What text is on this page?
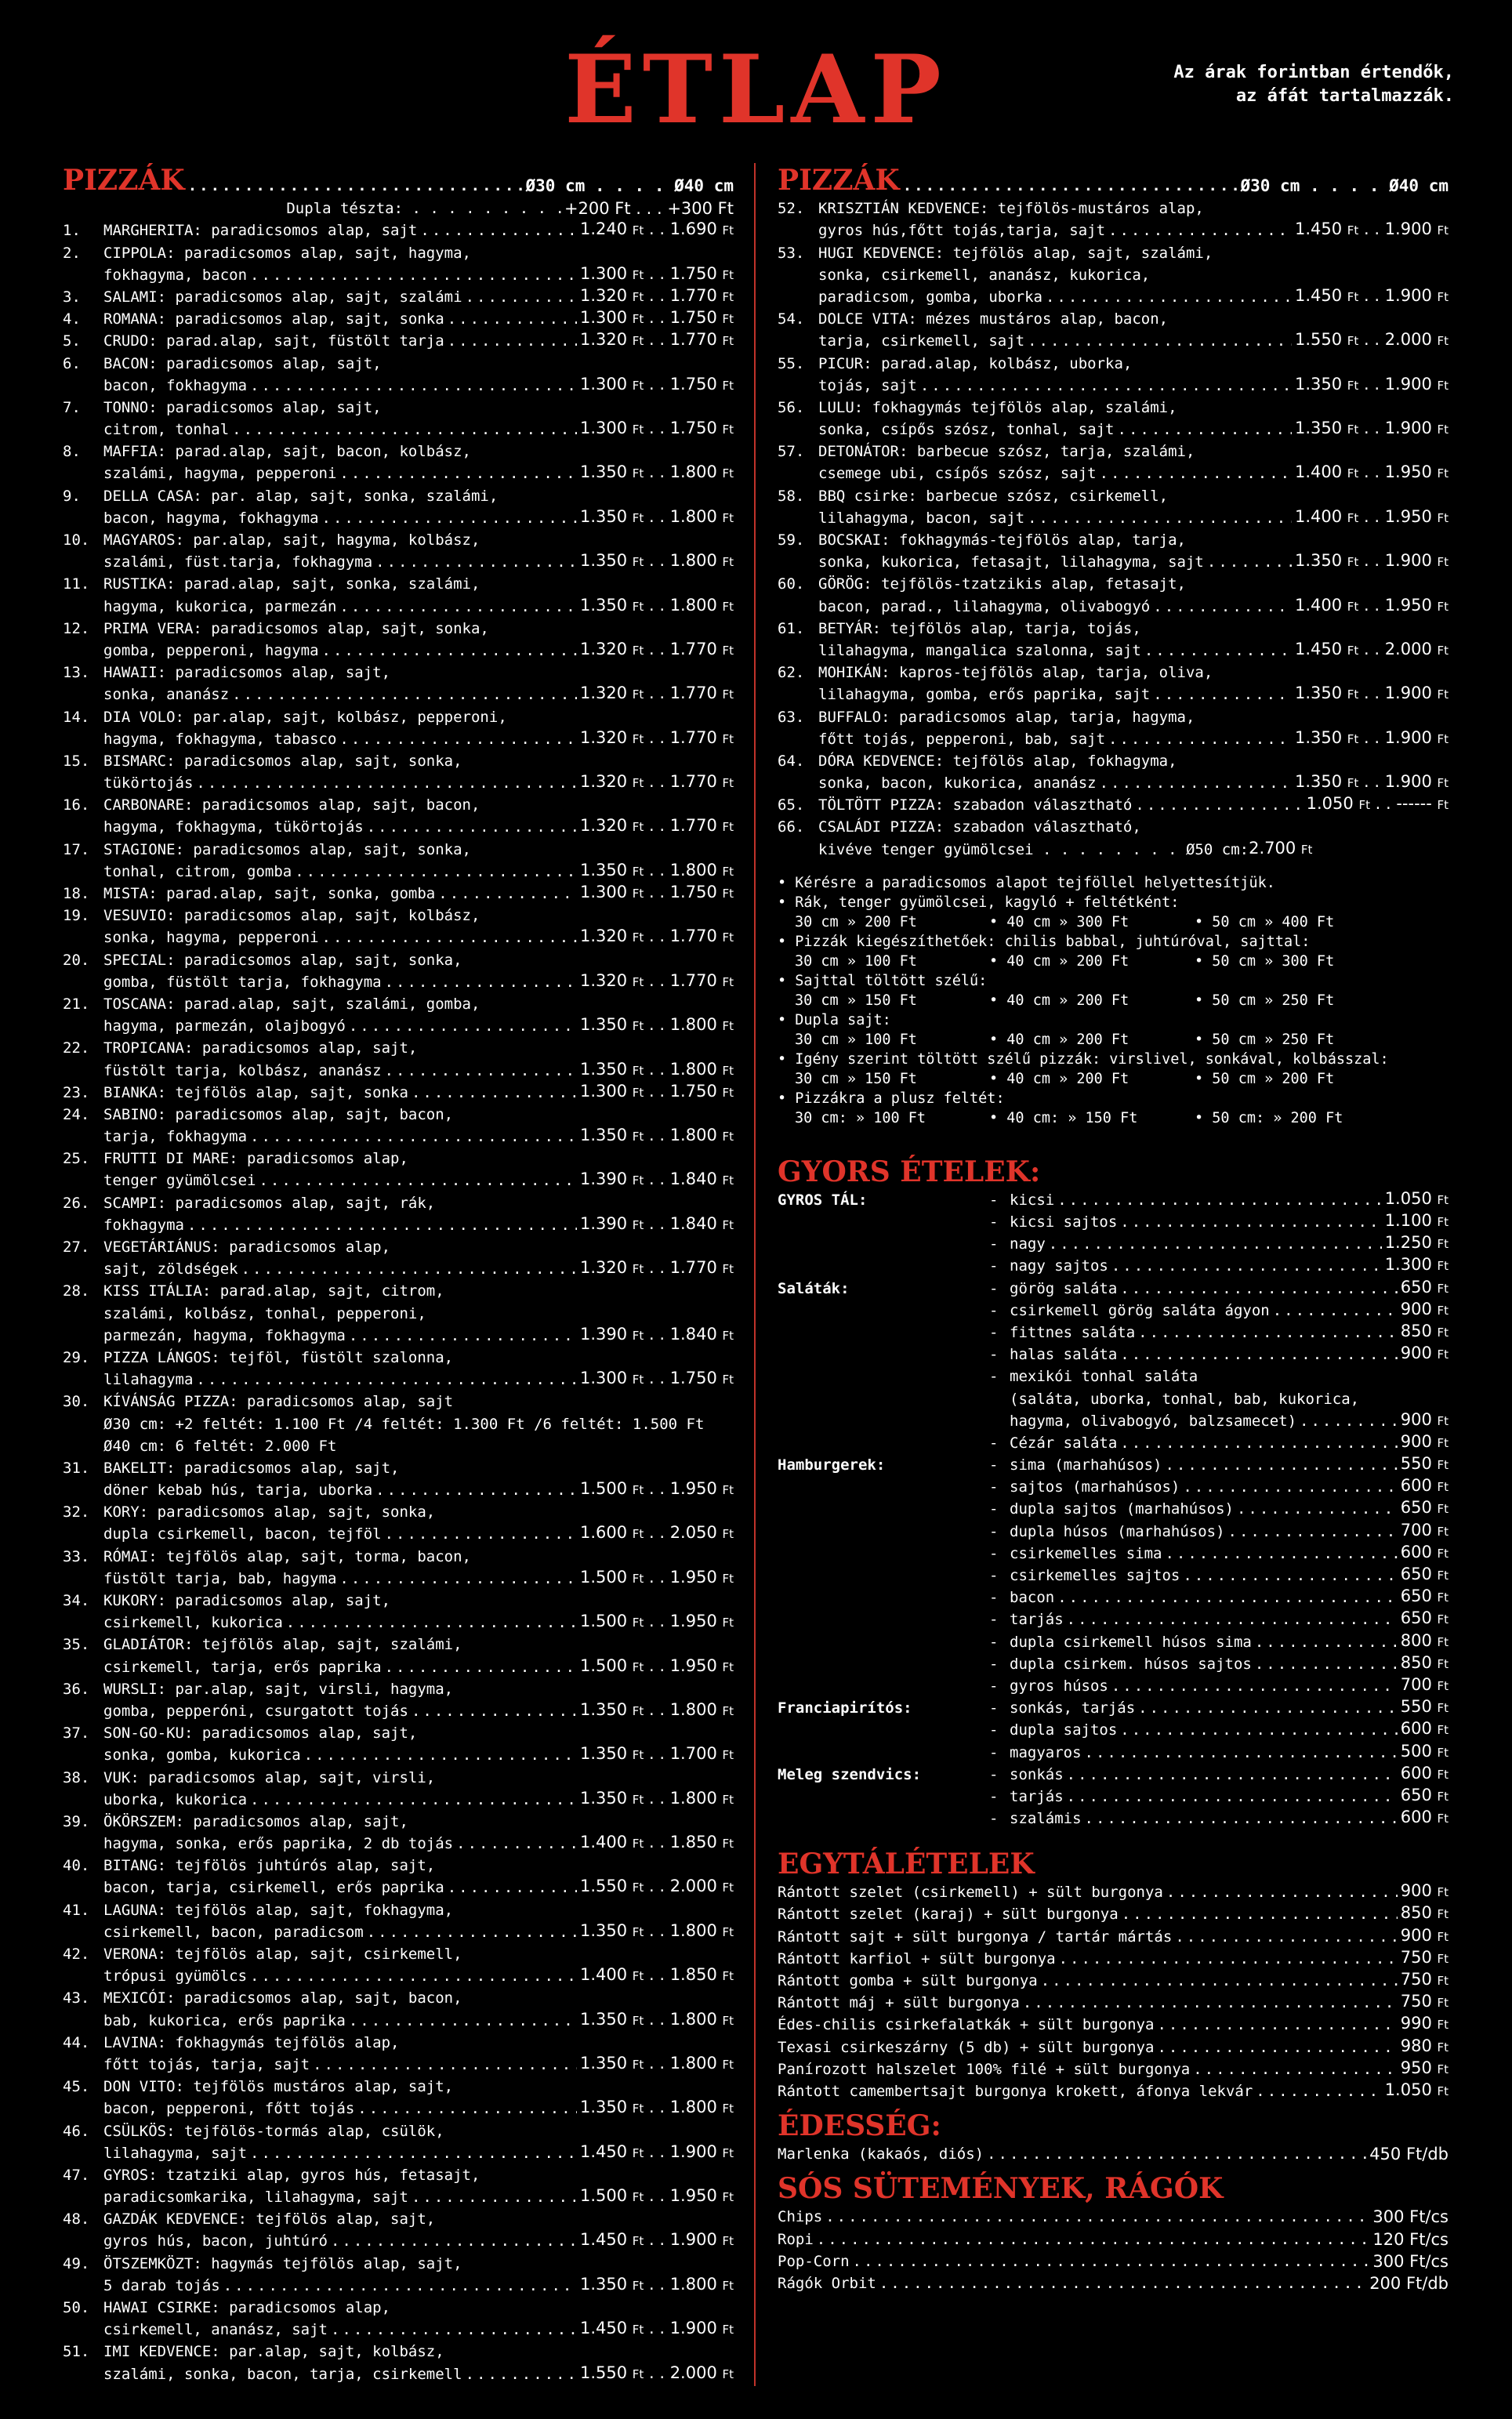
ÉTLAP	Az árak forintban értendők,
az áfát tartalmazzák.
PIZZÁK .....	Ø30 cm . . . . Ø40 cm
Dupla tészta: . . . . . . . . . +200 Ft . . . +300 Ft
1.	MARGHERITA: paradicsomos alap, sajt .....	1.240 Ft . . 1.690 Ft
2.	CIPPOLA: paradicsomos alap, sajt, hagyma,
fokhagyma, bacon .....	1.300 Ft . . 1.750 Ft
3.	SALAMI: paradicsomos alap, sajt, szalámi .....	1.320 Ft . . 1.770 Ft
4.	ROMANA: paradicsomos alap, sajt, sonka .....	1.300 Ft . . 1.750 Ft
5.	CRUDO: parad.alap, sajt, füstölt tarja .....	1.320 Ft . . 1.770 Ft
6.	BACON: paradicsomos alap, sajt,
bacon, fokhagyma .....	1.300 Ft . . 1.750 Ft
7.	TONNO: paradicsomos alap, sajt,
citrom, tonhal .....	1.300 Ft . . 1.750 Ft
8.	MAFFIA: parad.alap, sajt, bacon, kolbász,
szalámi, hagyma, pepperoni .....	1.350 Ft . . 1.800 Ft
9.	DELLA CASA: par. alap, sajt, sonka, szalámi,
bacon, hagyma, fokhagyma .....	1.350 Ft . . 1.800 Ft
10. MAGYAROS: par.alap, sajt, hagyma, kolbász,
szalámi, füst.tarja, fokhagyma .....	1.350 Ft . . 1.800 Ft
11. RUSTIKA: parad.alap, sajt, sonka, szalámi,
hagyma, kukorica, parmezán .....	1.350 Ft . . 1.800 Ft
12. PRIMA VERA: paradicsomos alap, sajt, sonka,
gomba, pepperoni, hagyma .....	1.320 Ft . . 1.770 Ft
13. HAWAII: paradicsomos alap, sajt,
sonka, ananász .....	1.320 Ft . . 1.770 Ft
14. DIA VOLO: par.alap, sajt, kolbász, pepperoni,
hagyma, fokhagyma, tabasco .....	1.320 Ft . . 1.770 Ft
15. BISMARC: paradicsomos alap, sajt, sonka,
tükörtojás .....	1.320 Ft . . 1.770 Ft
16. CARBONARE: paradicsomos alap, sajt, bacon,
hagyma, fokhagyma, tükörtojás .....	1.320 Ft . . 1.770 Ft
17. STAGIONE: paradicsomos alap, sajt, sonka,
tonhal, citrom, gomba .....	1.350 Ft . . 1.800 Ft
18. MISTA: parad.alap, sajt, sonka, gomba .....	1.300 Ft . . 1.750 Ft
19. VESUVIO: paradicsomos alap, sajt, kolbász,
sonka, hagyma, pepperoni .....	1.320 Ft . . 1.770 Ft
20. SPECIAL: paradicsomos alap, sajt, sonka,
gomba, füstölt tarja, fokhagyma .....	1.320 Ft . . 1.770 Ft
21. TOSCANA: parad.alap, sajt, szalámi, gomba,
hagyma, parmezán, olajbogyó .....	1.350 Ft . . 1.800 Ft
22. TROPICANA: paradicsomos alap, sajt,
füstölt tarja, kolbász, ananász .....	1.350 Ft . . 1.800 Ft
23. BIANKA: tejfölös alap, sajt, sonka .....	1.300 Ft . . 1.750 Ft
24. SABINO: paradicsomos alap, sajt, bacon,
tarja, fokhagyma .....	1.350 Ft . . 1.800 Ft
25. FRUTTI DI MARE: paradicsomos alap,
tenger gyümölcsei .....	1.390 Ft . . 1.840 Ft
26. SCAMPI: paradicsomos alap, sajt, rák,
fokhagyma .....	1.390 Ft . . 1.840 Ft
27. VEGETÁRIÁNUS: paradicsomos alap,
sajt, zöldségek .....	1.320 Ft . . 1.770 Ft
28. KISS ITÁLIA: parad.alap, sajt, citrom,
szalámi, kolbász, tonhal, pepperoni,
parmezán, hagyma, fokhagyma .....	1.390 Ft . . 1.840 Ft
29. PIZZA LÁNGOS: tejföl, füstölt szalonna,
lilahagyma .....	1.300 Ft . . 1.750 Ft
30. KÍVÁNSÁG PIZZA: paradicsomos alap, sajt
Ø30 cm: +2 feltét: 1.100 Ft /4 feltét: 1.300 Ft /6 feltét: 1.500 Ft
Ø40 cm: 6 feltét: 2.000 Ft
31. BAKELIT: paradicsomos alap, sajt,
döner kebab hús, tarja, uborka .....	1.500 Ft . . 1.950 Ft
32. KORY: paradicsomos alap, sajt, sonka,
dupla csirkemell, bacon, tejföl .....	1.600 Ft . . 2.050 Ft
33. RÓMAI: tejfölös alap, sajt, torma, bacon,
füstölt tarja, bab, hagyma .....	1.500 Ft . . 1.950 Ft
34. KUKORY: paradicsomos alap, sajt,
csirkemell, kukorica .....	1.500 Ft . . 1.950 Ft
35. GLADIÁTOR: tejfölös alap, sajt, szalámi,
csirkemell, tarja, erős paprika .....	1.500 Ft . . 1.950 Ft
36. WURSLI: par.alap, sajt, virsli, hagyma,
gomba, pepperóni, csurgatott tojás .....	1.350 Ft . . 1.800 Ft
37. SON-GO-KU: paradicsomos alap, sajt,
sonka, gomba, kukorica .....	1.350 Ft . . 1.700 Ft
38. VUK: paradicsomos alap, sajt, virsli,
uborka, kukorica .....	1.350 Ft . . 1.800 Ft
39. ÖKÖRSZEM: paradicsomos alap, sajt,
hagyma, sonka, erős paprika, 2 db tojás .....	1.400 Ft . . 1.850 Ft
40. BITANG: tejfölös juhtúrós alap, sajt,
bacon, tarja, csirkemell, erős paprika .....	1.550 Ft . . 2.000 Ft
41. LAGUNA: tejfölös alap, sajt, fokhagyma,
csirkemell, bacon, paradicsom .....	1.350 Ft . . 1.800 Ft
42. VERONA: tejfölös alap, sajt, csirkemell,
trópusi gyümölcs .....	1.400 Ft . . 1.850 Ft
43. MEXICÓI: paradicsomos alap, sajt, bacon,
bab, kukorica, erős paprika .....	1.350 Ft . . 1.800 Ft
44. LAVINA: fokhagymás tejfölös alap,
főtt tojás, tarja, sajt .....	1.350 Ft . . 1.800 Ft
45. DON VITO: tejfölös mustáros alap, sajt,
bacon, pepperoni, főtt tojás .....	1.350 Ft . . 1.800 Ft
46. CSÜLKÖS: tejfölös-tormás alap, csülök,
lilahagyma, sajt .....	1.450 Ft . . 1.900 Ft
47. GYROS: tzatziki alap, gyros hús, fetasajt,
paradicsomkarika, lilahagyma, sajt .....	1.500 Ft . . 1.950 Ft
48. GAZDÁK KEDVENCE: tejfölös alap, sajt,
gyros hús, bacon, juhtúró .....	1.450 Ft . . 1.900 Ft
49. ÖTSZEMKÖZT: hagymás tejfölös alap, sajt,
5 darab tojás .....	1.350 Ft . . 1.800 Ft
50. HAWAI CSIRKE: paradicsomos alap,
csirkemell, ananász, sajt .....	1.450 Ft . . 1.900 Ft
51. IMI KEDVENCE: par.alap, sajt, kolbász,
szalámi, sonka, bacon, tarja, csirkemell .....	1.550 Ft . . 2.000 Ft
PIZZÁK .....	Ø30 cm . . . . Ø40 cm
52. KRISZTIÁN KEDVENCE: tejfölös-mustáros alap,
gyros hús,főtt tojás,tarja, sajt .....	1.450 Ft . . 1.900 Ft
53. HUGI KEDVENCE: tejfölös alap, sajt, szalámi,
sonka, csirkemell, ananász, kukorica,
paradicsom, gomba, uborka .....	1.450 Ft . . 1.900 Ft
54. DOLCE VITA: mézes mustáros alap, bacon,
tarja, csirkemell, sajt .....	1.550 Ft . . 2.000 Ft
55. PICUR: parad.alap, kolbász, uborka,
tojás, sajt .....	1.350 Ft . . 1.900 Ft
56. LULU: fokhagymás tejfölös alap, szalámi,
sonka, csípős szósz, tonhal, sajt .....	1.350 Ft . . 1.900 Ft
57. DETONÁTOR: barbecue szósz, tarja, szalámi,
csemege ubi, csípős szósz, sajt .....	1.400 Ft . . 1.950 Ft
58. BBQ csirke: barbecue szósz, csirkemell,
lilahagyma, bacon, sajt .....	1.400 Ft . . 1.950 Ft
59. BOCSKAI: fokhagymás-tejfölös alap, tarja,
sonka, kukorica, fetasajt, lilahagyma, sajt .....	1.350 Ft . . 1.900 Ft
60. GÖRÖG: tejfölös-tzatzikis alap, fetasajt,
bacon, parad., lilahagyma, olivabogyó .....	1.400 Ft . . 1.950 Ft
61. BETYÁR: tejfölös alap, tarja, tojás,
lilahagyma, mangalica szalonna, sajt .....	1.450 Ft . . 2.000 Ft
62. MOHIKÁN: kapros-tejfölös alap, tarja, oliva,
lilahagyma, gomba, erős paprika, sajt .....	1.350 Ft . . 1.900 Ft
63. BUFFALO: paradicsomos alap, tarja, hagyma,
főtt tojás, pepperoni, bab, sajt .....	1.350 Ft . . 1.900 Ft
64. DÓRA KEDVENCE: tejfölös alap, fokhagyma,
sonka, bacon, kukorica, ananász .....	1.350 Ft . . 1.900 Ft
65. TÖLTÖTT PIZZA: szabadon választható .....	1.050 Ft . . ------ Ft
66. CSALÁDI PIZZA: szabadon választható,
kivéve tenger gyümölcsei . . . . . . . . Ø50 cm: 2.700 Ft
• Kérésre a paradicsomos alapot tejföllel helyettesítjük.
• Rák, tenger gyümölcsei, kagyló + feltétként:
30 cm » 200 Ft	• 40 cm » 300 Ft	• 50 cm » 400 Ft
• Pizzák kiegészíthetőek: chilis babbal, juhtúróval, sajttal:
30 cm » 100 Ft	• 40 cm » 200 Ft	• 50 cm » 300 Ft
• Sajttal töltött szélű:
30 cm » 150 Ft	• 40 cm » 200 Ft	• 50 cm » 250 Ft
• Dupla sajt:
30 cm » 100 Ft	• 40 cm » 200 Ft	• 50 cm » 250 Ft
• Igény szerint töltött szélű pizzák: virslivel, sonkával, kolbásszal:
30 cm » 150 Ft	• 40 cm » 200 Ft	• 50 cm » 200 Ft
• Pizzákra a plusz feltét:
30 cm: » 100 Ft	• 40 cm: » 150 Ft	• 50 cm: » 200 Ft
GYORS ÉTELEK:
GYROS TÁL:	- kicsi .....	1.050 Ft
- kicsi sajtos .....	1.100 Ft
- nagy .....	1.250 Ft
- nagy sajtos .....	1.300 Ft
Saláták:	- görög saláta .....	650 Ft
- csirkemell görög saláta ágyon .....	900 Ft
- fittnes saláta .....	850 Ft
- halas saláta .....	900 Ft
- mexikói tonhal saláta
(saláta, uborka, tonhal, bab, kukorica,
hagyma, olivabogyó, balzsamecet) .....	900 Ft
- Cézár saláta .....	900 Ft
Hamburgerek:	- sima (marhahúsos) .....	550 Ft
- sajtos (marhahúsos) .....	600 Ft
- dupla sajtos (marhahúsos) .....	650 Ft
- dupla húsos (marhahúsos) .....	700 Ft
- csirkemelles sima .....	600 Ft
- csirkemelles sajtos .....	650 Ft
- bacon .....	650 Ft
- tarjás .....	650 Ft
- dupla csirkemell húsos sima .....	800 Ft
- dupla csirkem. húsos sajtos .....	850 Ft
- gyros húsos .....	700 Ft
Franciapirítós:	- sonkás, tarjás .....	550 Ft
- dupla sajtos .....	600 Ft
- magyaros .....	500 Ft
Meleg szendvics:	- sonkás .....	600 Ft
- tarjás .....	650 Ft
- szalámis .....	600 Ft
EGYTÁLÉTELEK
Rántott szelet (csirkemell) + sült burgonya .....	900 Ft
Rántott szelet (karaj) + sült burgonya .....	850 Ft
Rántott sajt + sült burgonya / tartár mártás .....	900 Ft
Rántott karfiol + sült burgonya .....	750 Ft
Rántott gomba + sült burgonya .....	750 Ft
Rántott máj + sült burgonya .....	750 Ft
Édes-chilis csirkefalatkák + sült burgonya .....	990 Ft
Texasi csirkeszárny (5 db) + sült burgonya .....	980 Ft
Panírozott halszelet 100% filé + sült burgonya .....	950 Ft
Rántott camembertsajt burgonya krokett, áfonya lekvár .....	1.050 Ft
ÉDESSÉG:
Marlenka (kakaós, diós) .....	450 Ft/db
SÓS SÜTEMÉNYEK, RÁGÓK
Chips .....	300 Ft/cs
Ropi .....	120 Ft/cs
Pop-Corn .....	300 Ft/cs
Rágók Orbit .....	200 Ft/db
